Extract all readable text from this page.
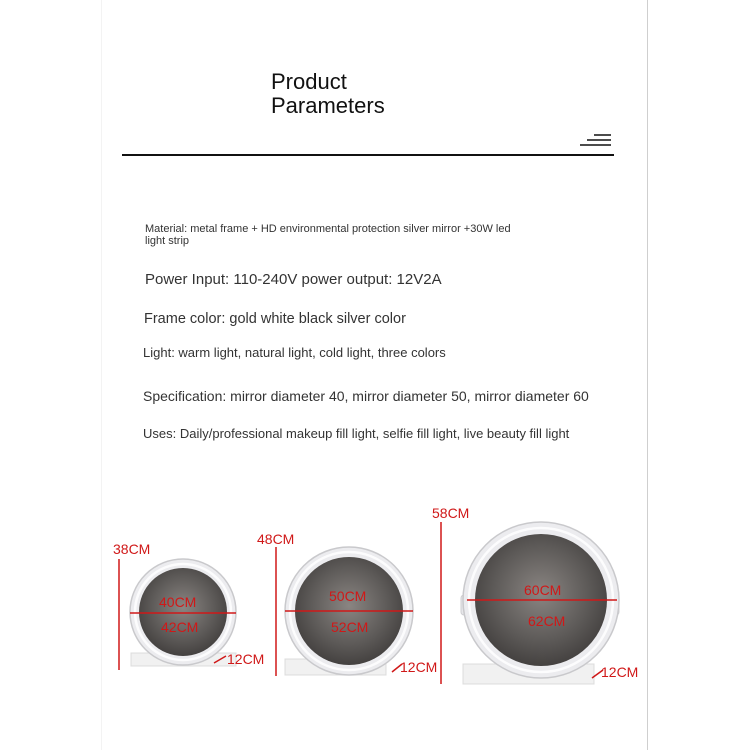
Product
Parameters
Material: metal frame + HD environmental protection silver mirror +30W led light strip
Power Input: 110-240V power output: 12V2A
Frame color: gold white black silver color
Light: warm light, natural light, cold light, three colors
Specification: mirror diameter 40, mirror diameter 50, mirror diameter 60
Uses: Daily/professional makeup fill light, selfie fill light, live beauty fill light
38CM
40CM
42CM
12CM
48CM
50CM
52CM
12CM
58CM
60CM
62CM
12CM
